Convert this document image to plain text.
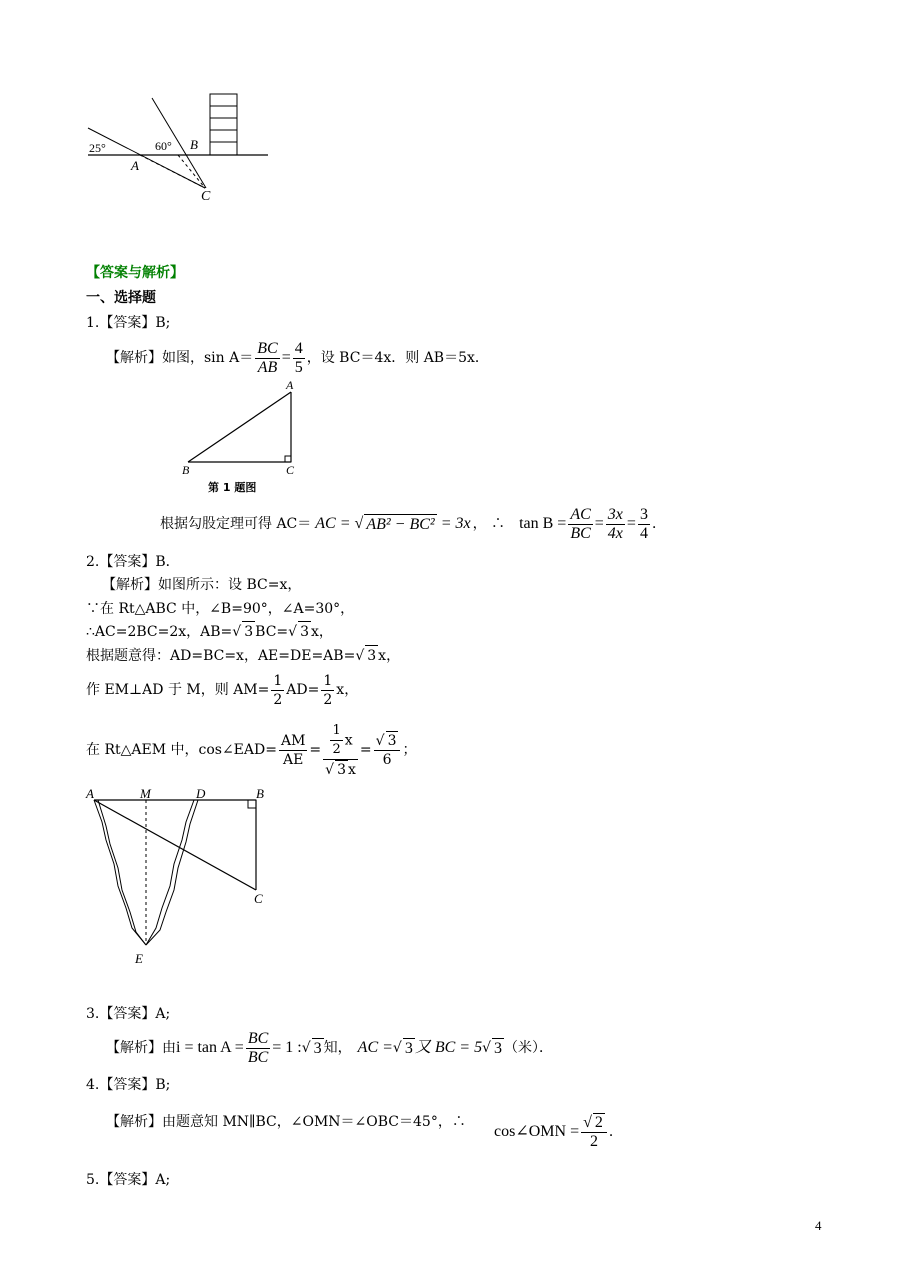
25°	60°
A
B
C
【答案与解析】
一、选择题
1.【答案】B;
【解析】如图，$\sin A= \frac{BC}{AB} = \frac{4}{5}$ ，设 BC＝4x．则 AB＝5x．
A
B	C
第 1 题图
根据勾股定理可得 AC＝ AC = √ AB² − BC² = 3x ， ∴ $\tan B = \frac{AC}{BC} = \frac{3x}{4x} = \frac{3}{4}$ ．
2.【答案】B．
【解析】如图所示：设 BC=x，
∵在 Rt△ABC 中，∠B=90°，∠A=30°，
∴AC=2BC=2x，AB=√ 3 BC=√ 3 x，
根据题意得：AD=BC=x，AE=DE=AB=√ 3 x，
作 EM⊥AD 于 M，则 $AM= \frac{1}{2} AD= \frac{1}{2}$ x，
在 Rt△AEM 中，cos∠EAD= $\frac{AM}{AE} = \frac{\frac{1}{2} x}{√ 3 x} = \frac{√ 3}{6}$ ；
A	M	D	B
C
E
3.【答案】A;
【解析】由 $i = \tan A = \frac{BC}{BC} = 1$ : √ 3 知， AC = √ 3 又 BC = 5 √ 3 （米）．
4.【答案】B;
【解析】由题意知 MN∥BC，∠OMN＝∠OBC＝45°，∴
cos∠OMN = $\frac{√ 2}{2}$ ．
5.【答案】A;
4
